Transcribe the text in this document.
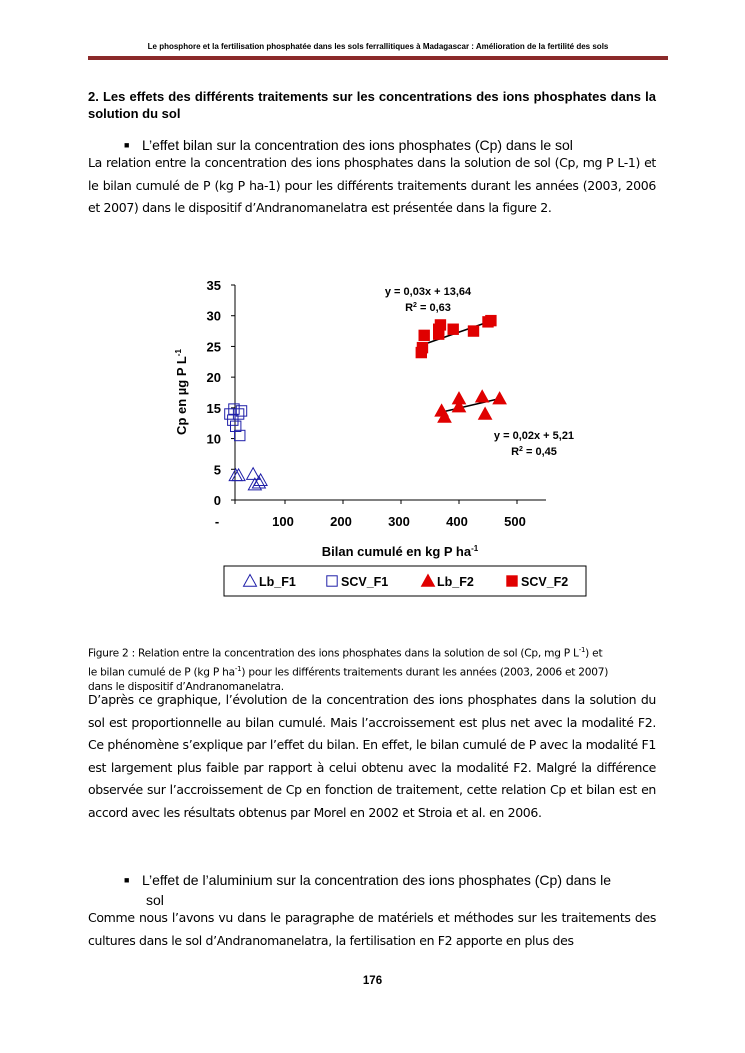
Le phosphore et la fertilisation phosphatée dans les sols ferrallitiques à Madagascar : Amélioration de la fertilité des sols
2. Les effets des différents traitements sur les concentrations des ions phosphates dans la solution du sol
■ L’effet bilan sur la concentration des ions phosphates (Cp) dans le sol
La relation entre la concentration des ions phosphates dans la solution de sol (Cp, mg P L-1) et le bilan cumulé de P (kg P ha-1) pour les différents traitements durant les années (2003, 2006 et 2007) dans le dispositif d’Andranomanelatra est présentée dans la figure 2.
0
5
10
15
20
25
30
35
-	100	200	300	400	500
y = 0,03x + 13,64
$R^2 = 0,63$
y = 0,02x + 5,21
$R^2 = 0,45$
Bilan cumulé en kg P $ha^{-1}$
Cp en µg P $L^{-1}$
Lb_F1	SCV_F1	Lb_F2	SCV_F2
Figure 2 : Relation entre la concentration des ions phosphates dans la solution de sol (Cp, mg P $L^{-1}$) et
le bilan cumulé de P (kg P $ha^{-1}$) pour les différents traitements durant les années (2003, 2006 et 2007)
dans le dispositif d’Andranomanelatra.
D’après ce graphique, l’évolution de la concentration des ions phosphates dans la solution du sol est proportionnelle au bilan cumulé. Mais l’accroissement est plus net avec la modalité F2. Ce phénomène s’explique par l’effet du bilan. En effet, le bilan cumulé de P avec la modalité F1 est largement plus faible par rapport à celui obtenu avec la modalité F2. Malgré la différence observée sur l’accroissement de Cp en fonction de traitement, cette relation Cp et bilan est en accord avec les résultats obtenus par Morel en 2002 et Stroia et al. en 2006.
■ L’effet de l’aluminium sur la concentration des ions phosphates (Cp) dans le
sol
Comme nous l’avons vu dans le paragraphe de matériels et méthodes sur les traitements des cultures dans le sol d’Andranomanelatra, la fertilisation en F2 apporte en plus des
176
